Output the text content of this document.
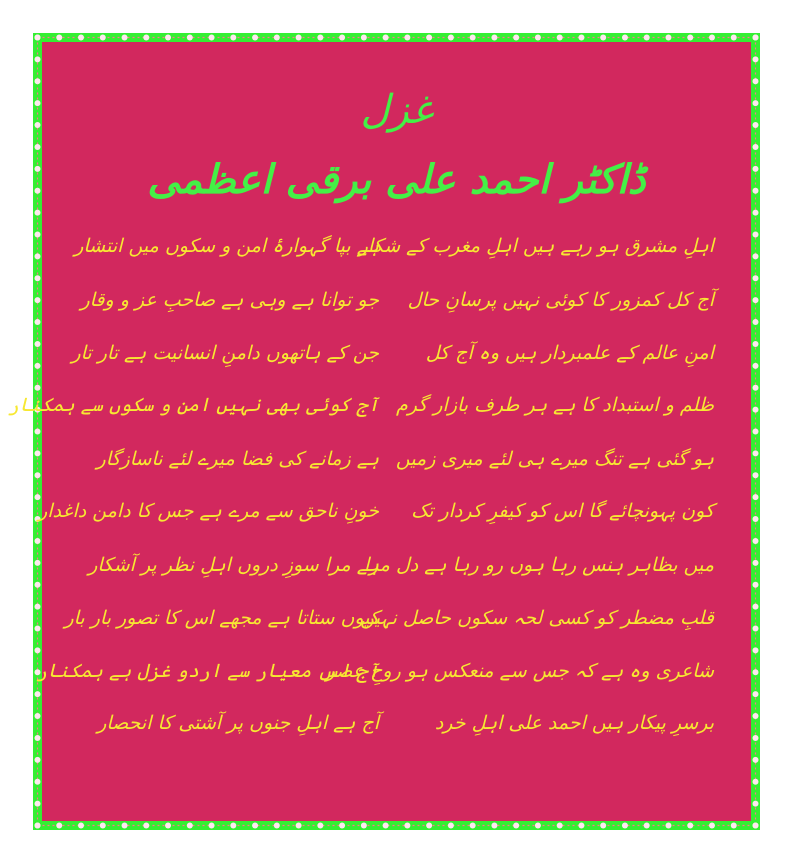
غزل
ڈاکٹر احمد علی برقی اعظمی
اہلِ مشرق ہو رہے ہیں اہلِ مغرب کے شکار
ہے بپا گہوارۂ امن و سکوں میں انتشار
آج کل کمزور کا کوئی نہیں پرسانِ حال
جو توانا ہے وہی ہے صاحبِ عز و وقار
امنِ عالم کے علمبردار ہیں وہ آج کل
جن کے ہاتھوں دامنِ انسانیت ہے تار تار
ظلم و استبداد کا ہے ہر طرف بازار گرم
آج کوئی بھی نہیں امن و سکوں سے ہمکنار
ہو گئی ہے تنگ میرے ہی لئے میری زمیں
ہے زمانے کی فضا میرے لئے ناسازگار
کون پہونچائے گا اس کو کیفرِ کردار تک
خونِ ناحق سے مرے ہے جس کا دامن داغدار
میں بظاہر ہنس رہا ہوں رو رہا ہے دل مرا
ہے مرا سوزِ دروں اہلِ نظر پر آشکار
قلبِ مضطر کو کسی لحہ سکوں حاصل نہیں
کیوں ستاتا ہے مجھے اس کا تصور بار بار
شاعری وہ ہے کہ جس سے منعکس ہو روحِ عصر
آج اس معیار سے اردو غزل ہے ہمکنار
برسرِ پیکار ہیں احمد علی اہلِ خرد
آج ہے اہلِ جنوں پر آشتی کا انحصار
